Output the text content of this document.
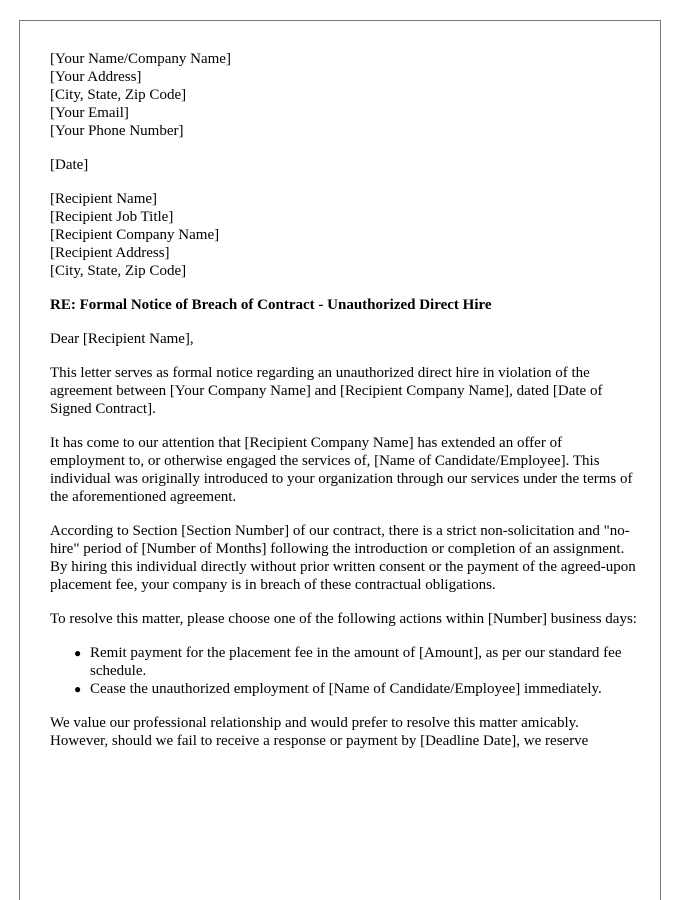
[Your Name/Company Name]
[Your Address]
[City, State, Zip Code]
[Your Email]
[Your Phone Number]
[Date]
[Recipient Name]
[Recipient Job Title]
[Recipient Company Name]
[Recipient Address]
[City, State, Zip Code]
RE: Formal Notice of Breach of Contract - Unauthorized Direct Hire
Dear [Recipient Name],

This letter serves as formal notice regarding an unauthorized direct hire in violation of the agreement between [Your Company Name] and [Recipient Company Name], dated [Date of Signed Contract].

It has come to our attention that [Recipient Company Name] has extended an offer of employment to, or otherwise engaged the services of, [Name of Candidate/Employee]. This individual was originally introduced to your organization through our services under the terms of the aforementioned agreement.

According to Section [Section Number] of our contract, there is a strict non-solicitation and "no-hire" period of [Number of Months] following the introduction or completion of an assignment. By hiring this individual directly without prior written consent or the payment of the agreed-upon placement fee, your company is in breach of these contractual obligations.

To resolve this matter, please choose one of the following actions within [Number] business days:

● Remit payment for the placement fee in the amount of [Amount], as per our standard fee schedule.
● Cease the unauthorized employment of [Name of Candidate/Employee] immediately.

We value our professional relationship and would prefer to resolve this matter amicably. However, should we fail to receive a response or payment by [Deadline Date], we reserve
